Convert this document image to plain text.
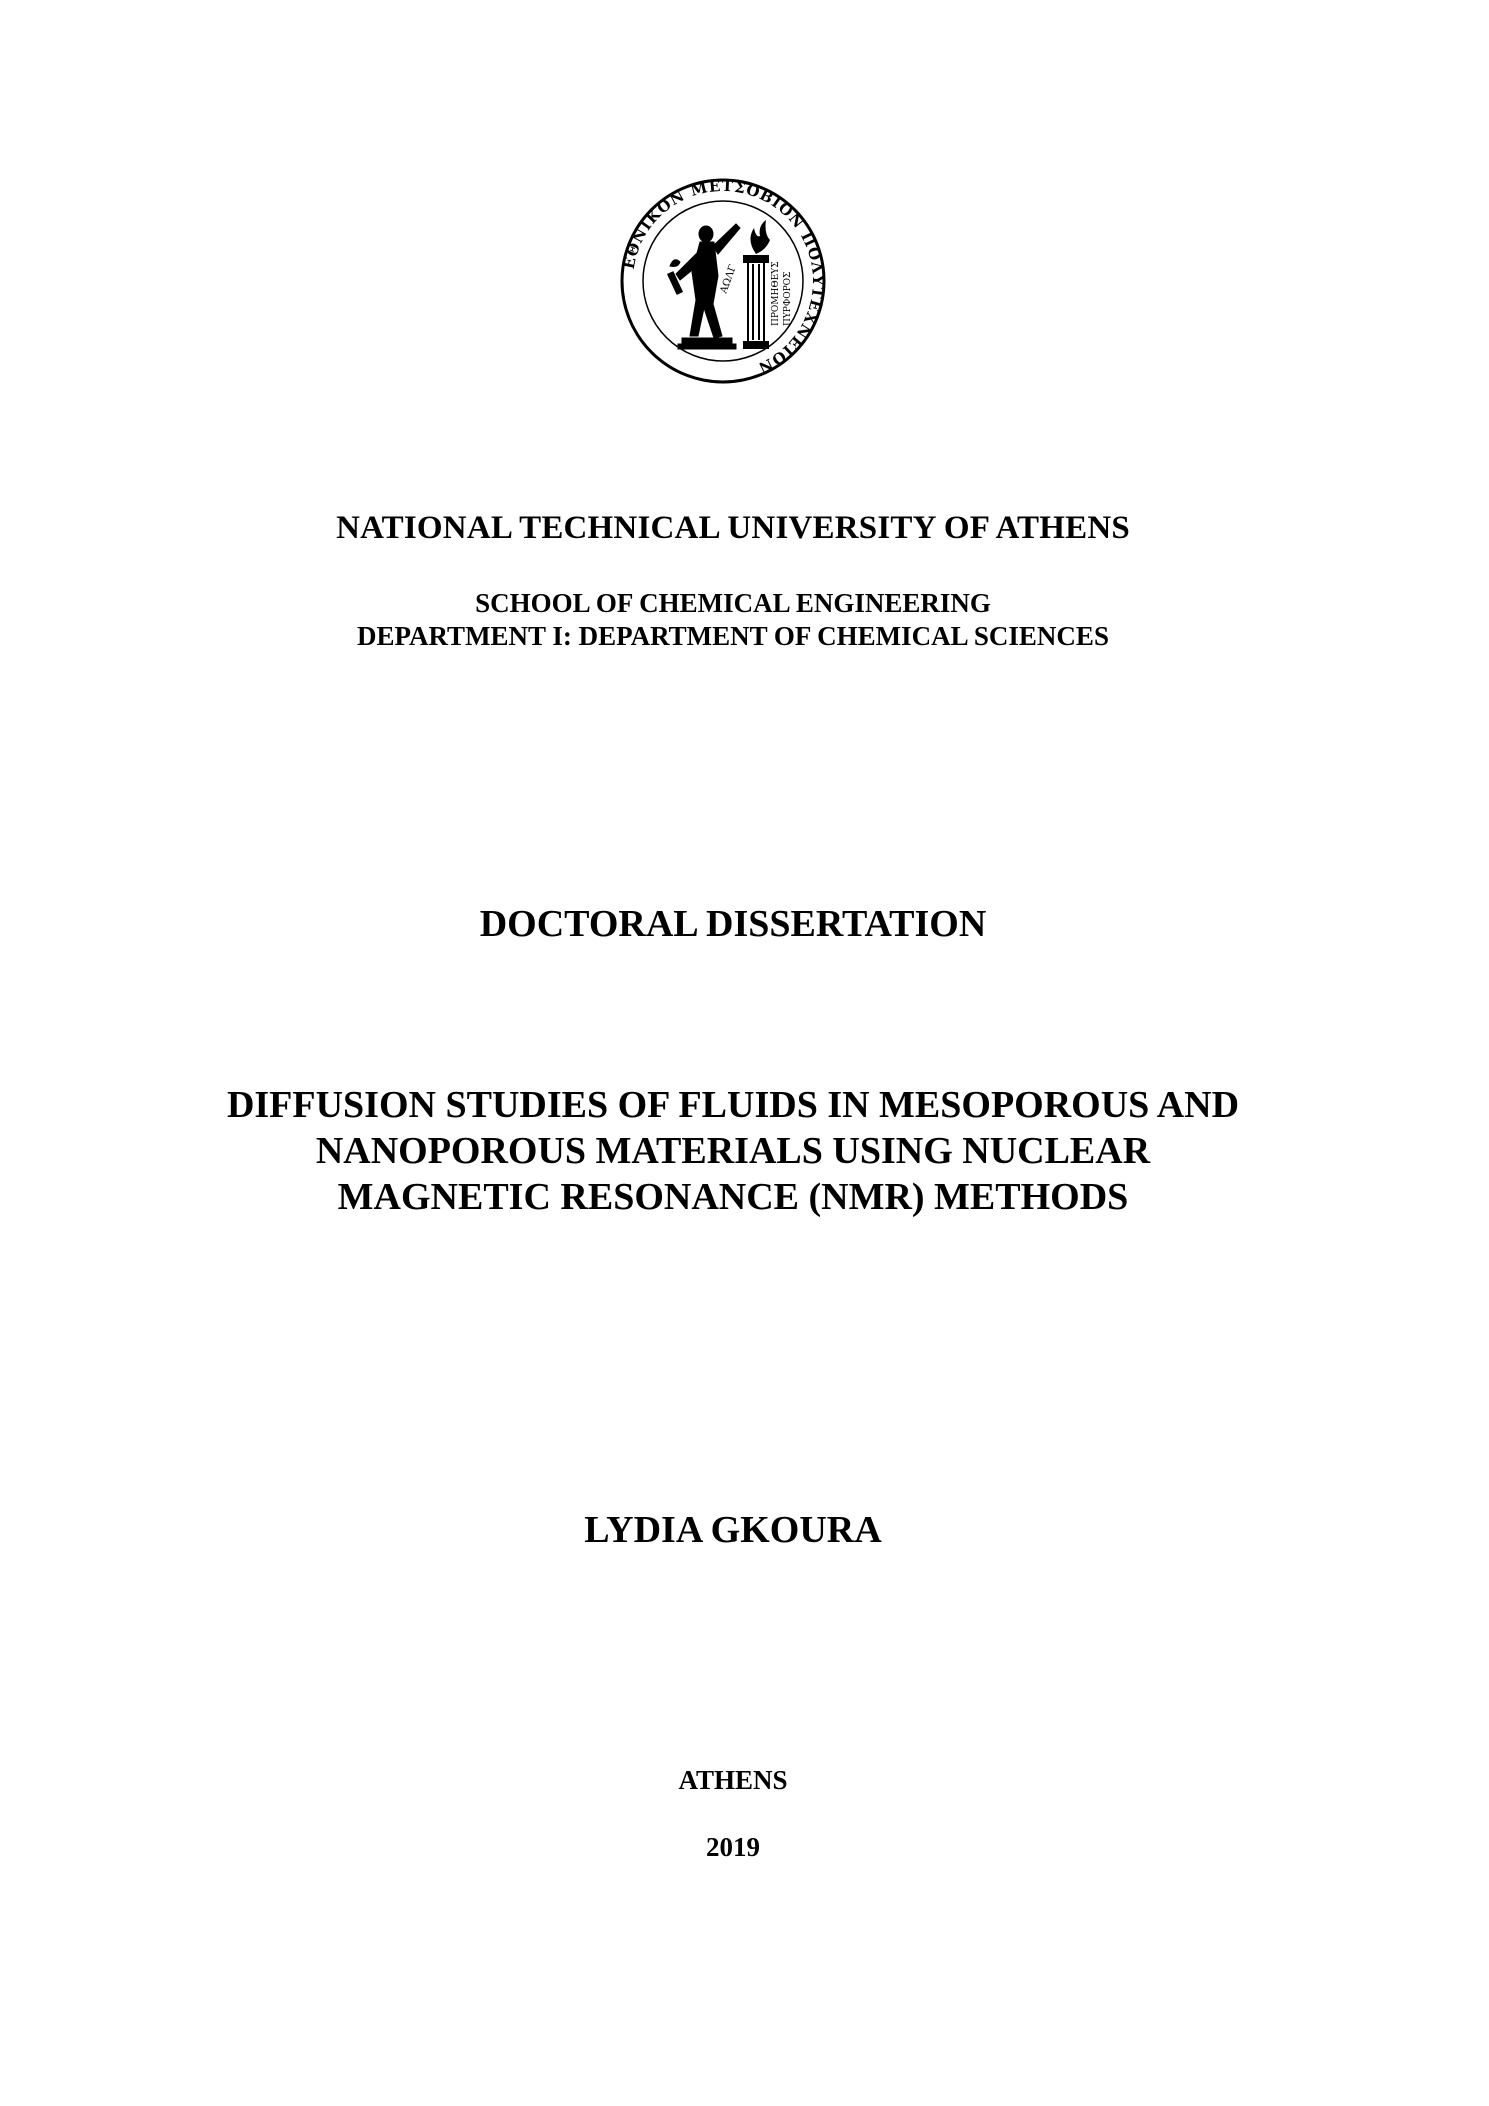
ΕΘΝΙΚΟΝ ΜΕΤΣΟΒΙΟΝ ΠΟΛΥΤΕΧΝΕΙΟΝ
ΑΩΛΓ	ΠΡΟΜΗΘΕΥΣ ΠΥΡΦΟΡΟΣ

NATIONAL TECHNICAL UNIVERSITY OF ATHENS

SCHOOL OF CHEMICAL ENGINEERING

DEPARTMENT I: DEPARTMENT OF CHEMICAL SCIENCES

DOCTORAL DISSERTATION

DIFFUSION STUDIES OF FLUIDS IN MESOPOROUS AND
NANOPOROUS MATERIALS USING NUCLEAR
MAGNETIC RESONANCE (NMR) METHODS

LYDIA GKOURA

ATHENS

2019
